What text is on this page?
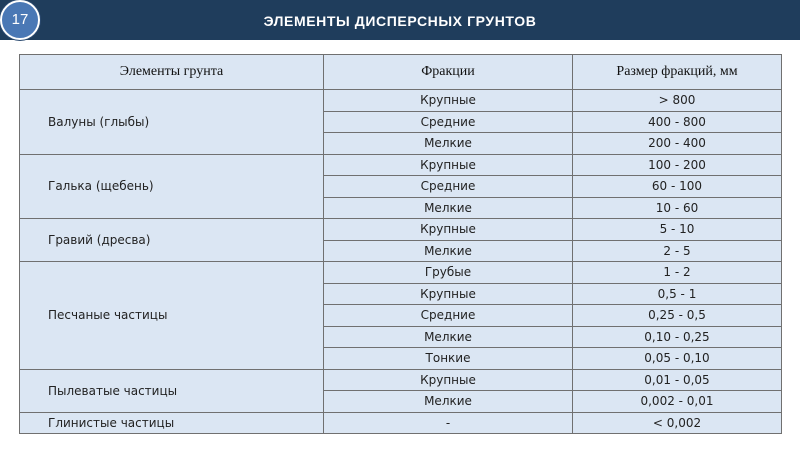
ЭЛЕМЕНТЫ ДИСПЕРСНЫХ ГРУНТОВ
17
Элементы грунта	Фракции	Размер фракций, мм
Валуны (глыбы)	Крупные	> 800
	Средние	400 - 800
	Мелкие	200 - 400
Галька (щебень)	Крупные	100 - 200
	Средние	60 - 100
	Мелкие	10 - 60
Гравий (дресва)	Крупные	5 - 10
	Мелкие	2 - 5
Песчаные частицы	Грубые	1 - 2
	Крупные	0,5 - 1
	Средние	0,25 - 0,5
	Мелкие	0,10 - 0,25
	Тонкие	0,05 - 0,10
Пылеватые частицы	Крупные	0,01 - 0,05
	Мелкие	0,002 - 0,01
Глинистые частицы	-	< 0,002
